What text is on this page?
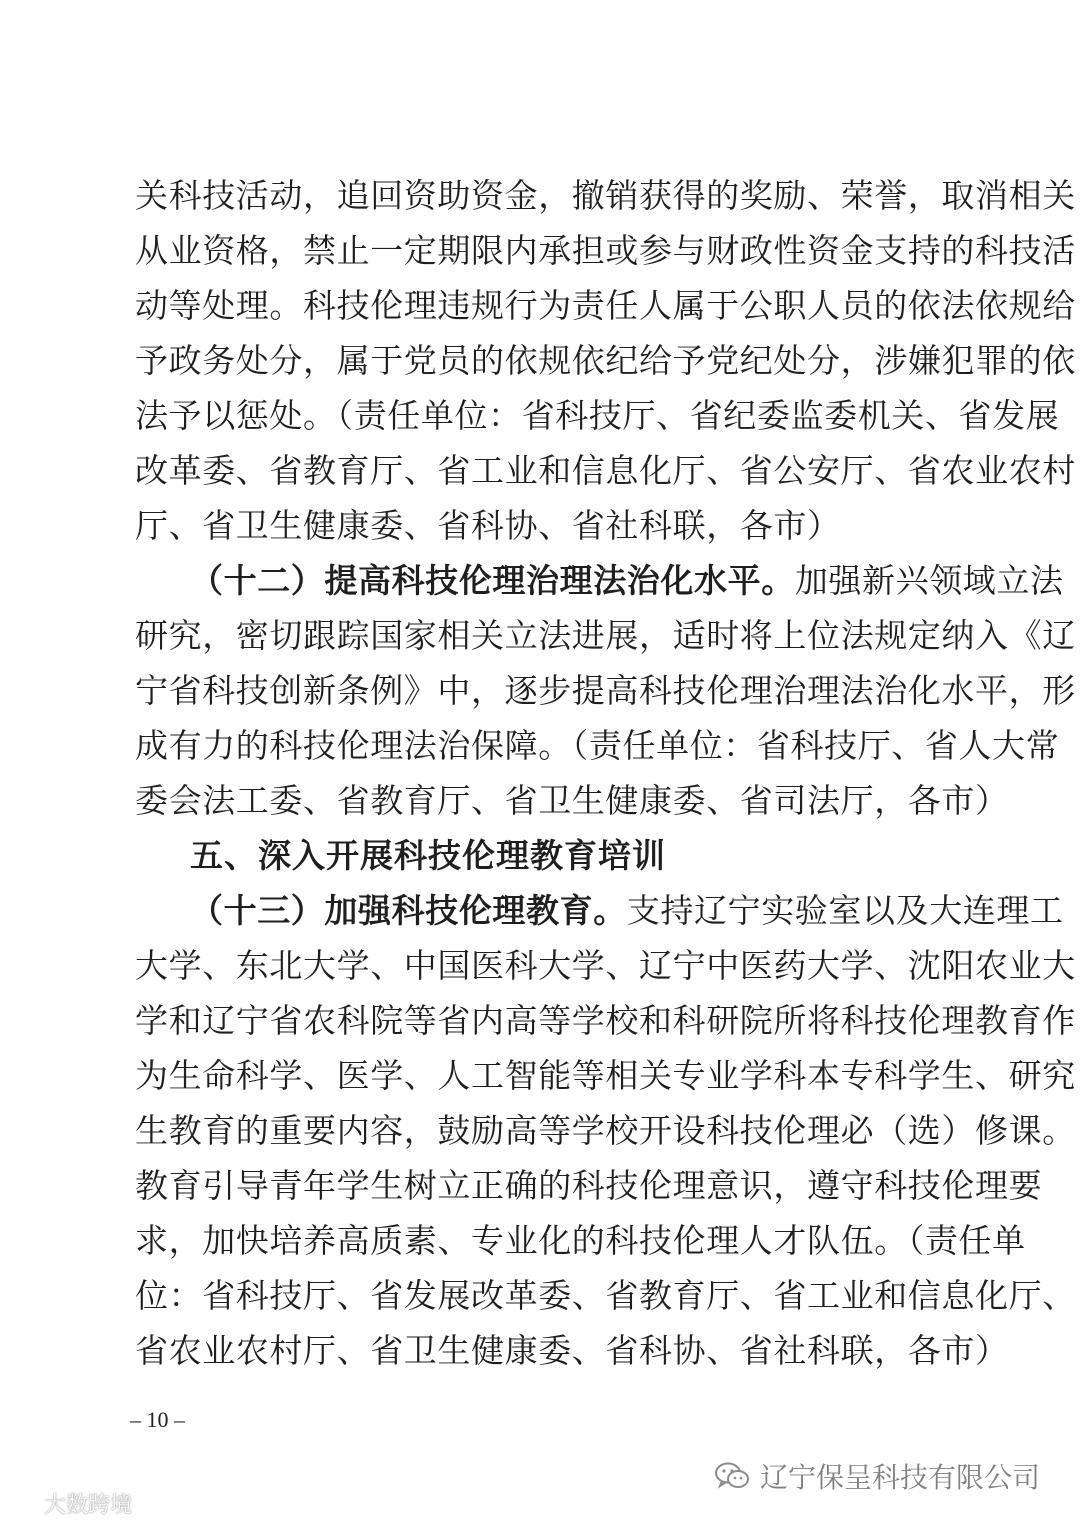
关科技活动，追回资助资金，撤销获得的奖励、荣誉，取消相关
从业资格，禁止一定期限内承担或参与财政性资金支持的科技活
动等处理。科技伦理违规行为责任人属于公职人员的依法依规给
予政务处分，属于党员的依规依纪给予党纪处分，涉嫌犯罪的依
法予以惩处。（责任单位：省科技厅、省纪委监委机关、省发展
改革委、省教育厅、省工业和信息化厅、省公安厅、省农业农村
厅、省卫生健康委、省科协、省社科联，各市）
（十二）提高科技伦理治理法治化水平。加强新兴领域立法
研究，密切跟踪国家相关立法进展，适时将上位法规定纳入《辽
宁省科技创新条例》中，逐步提高科技伦理治理法治化水平，形
成有力的科技伦理法治保障。（责任单位：省科技厅、省人大常
委会法工委、省教育厅、省卫生健康委、省司法厅，各市）
五、深入开展科技伦理教育培训
（十三）加强科技伦理教育。支持辽宁实验室以及大连理工
大学、东北大学、中国医科大学、辽宁中医药大学、沈阳农业大
学和辽宁省农科院等省内高等学校和科研院所将科技伦理教育作
为生命科学、医学、人工智能等相关专业学科本专科学生、研究
生教育的重要内容，鼓励高等学校开设科技伦理必（选）修课。
教育引导青年学生树立正确的科技伦理意识，遵守科技伦理要
求，加快培养高质素、专业化的科技伦理人才队伍。（责任单
位：省科技厅、省发展改革委、省教育厅、省工业和信息化厅、
省农业农村厅、省卫生健康委、省科协、省社科联，各市）
– 10 –
辽宁保呈科技有限公司
大数跨境
